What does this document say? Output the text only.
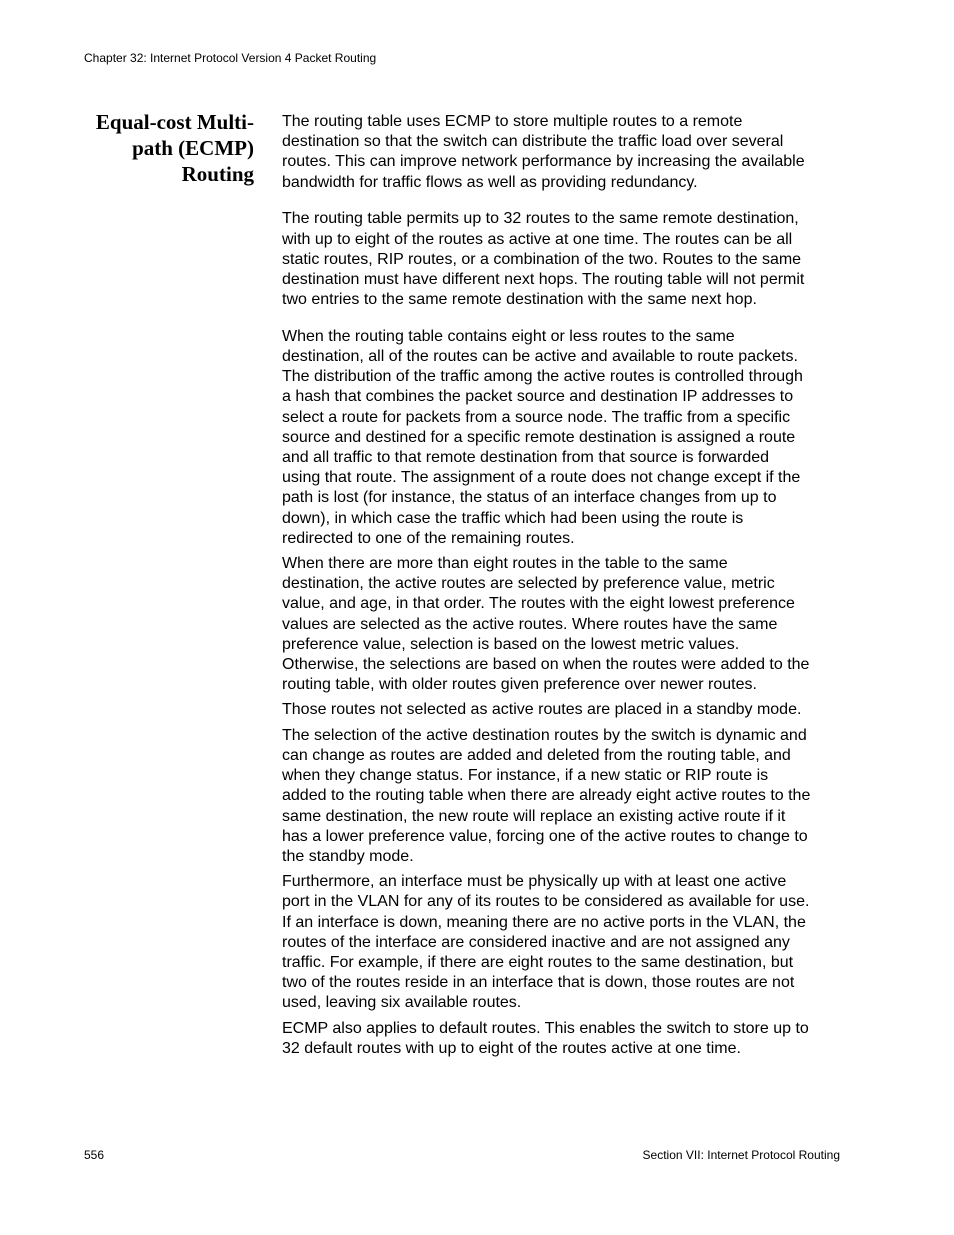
Chapter 32: Internet Protocol Version 4 Packet Routing
Equal-cost Multi-
path (ECMP)
Routing

The routing table uses ECMP to store multiple routes to a remote
destination so that the switch can distribute the traffic load over several
routes. This can improve network performance by increasing the available
bandwidth for traffic flows as well as providing redundancy.

The routing table permits up to 32 routes to the same remote destination,
with up to eight of the routes as active at one time. The routes can be all
static routes, RIP routes, or a combination of the two. Routes to the same
destination must have different next hops. The routing table will not permit
two entries to the same remote destination with the same next hop.

When the routing table contains eight or less routes to the same
destination, all of the routes can be active and available to route packets.
The distribution of the traffic among the active routes is controlled through
a hash that combines the packet source and destination IP addresses to
select a route for packets from a source node. The traffic from a specific
source and destined for a specific remote destination is assigned a route
and all traffic to that remote destination from that source is forwarded
using that route. The assignment of a route does not change except if the
path is lost (for instance, the status of an interface changes from up to
down), in which case the traffic which had been using the route is
redirected to one of the remaining routes.

When there are more than eight routes in the table to the same
destination, the active routes are selected by preference value, metric
value, and age, in that order. The routes with the eight lowest preference
values are selected as the active routes. Where routes have the same
preference value, selection is based on the lowest metric values.
Otherwise, the selections are based on when the routes were added to the
routing table, with older routes given preference over newer routes.

Those routes not selected as active routes are placed in a standby mode.

The selection of the active destination routes by the switch is dynamic and
can change as routes are added and deleted from the routing table, and
when they change status. For instance, if a new static or RIP route is
added to the routing table when there are already eight active routes to the
same destination, the new route will replace an existing active route if it
has a lower preference value, forcing one of the active routes to change to
the standby mode.

Furthermore, an interface must be physically up with at least one active
port in the VLAN for any of its routes to be considered as available for use.
If an interface is down, meaning there are no active ports in the VLAN, the
routes of the interface are considered inactive and are not assigned any
traffic. For example, if there are eight routes to the same destination, but
two of the routes reside in an interface that is down, those routes are not
used, leaving six available routes.

ECMP also applies to default routes. This enables the switch to store up to
32 default routes with up to eight of the routes active at one time.

556	Section VII: Internet Protocol Routing
